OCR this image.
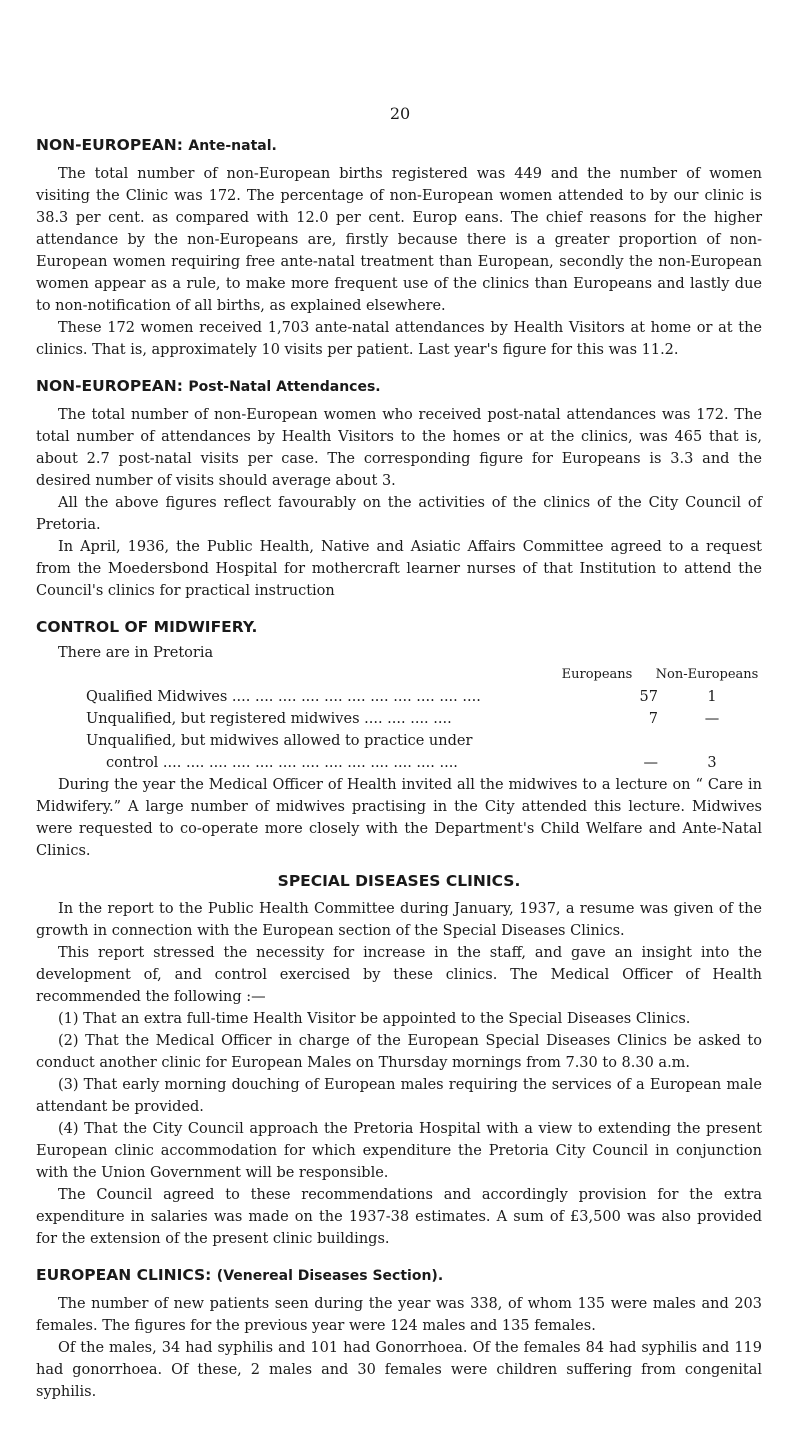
20
NON-EUROPEAN: Ante-natal.

The total number of non-European births registered was 449 and the number of women visiting the Clinic was 172. The percentage of non-European women attended to by our clinic is 38.3 per cent. as compared with 12.0 per cent. Europ eans. The chief reasons for the higher attendance by the non-Europeans are, firstly because there is a greater proportion of non-European women requiring free ante-natal treatment than European, secondly the non-European women appear as a rule, to make more frequent use of the clinics than Europeans and lastly due to non-notification of all births, as explained elsewhere.

These 172 women received 1,703 ante-natal attendances by Health Visitors at home or at the clinics. That is, approximately 10 visits per patient. Last year's figure for this was 11.2.

NON-EUROPEAN: Post-Natal Attendances.

The total number of non-European women who received post-natal attendances was 172. The total number of attendances by Health Visitors to the homes or at the clinics, was 465 that is, about 2.7 post-natal visits per case. The corresponding figure for Europeans is 3.3 and the desired number of visits should average about 3.

All the above figures reflect favourably on the activities of the clinics of the City Council of Pretoria.

In April, 1936, the Public Health, Native and Asiatic Affairs Committee agreed to a request from the Moedersbond Hospital for mothercraft learner nurses of that Institution to attend the Council's clinics for practical instruction

CONTROL OF MIDWIFERY.

There are in Pretoria

Europeans	Non-Europeans
Qualified Midwives .... .... .... .... .... .... .... .... .... .... ....	57	1
Unqualified, but registered midwives .... .... .... ....	7	—
Unqualified, but midwives allowed to practice under
control .... .... .... .... .... .... .... .... .... .... .... .... ....	—	3

During the year the Medical Officer of Health invited all the midwives to a lecture on “ Care in Midwifery.” A large number of midwives practising in the City attended this lecture. Midwives were requested to co-operate more closely with the Department's Child Welfare and Ante-Natal Clinics.

SPECIAL DISEASES CLINICS.

In the report to the Public Health Committee during January, 1937, a resume was given of the growth in connection with the European section of the Special Diseases Clinics.

This report stressed the necessity for increase in the staff, and gave an insight into the development of, and control exercised by these clinics. The Medical Officer of Health recommended the following :—

(1) That an extra full-time Health Visitor be appointed to the Special Diseases Clinics.

(2) That the Medical Officer in charge of the European Special Diseases Clinics be asked to conduct another clinic for European Males on Thursday mornings from 7.30 to 8.30 a.m.

(3) That early morning douching of European males requiring the services of a European male attendant be provided.

(4) That the City Council approach the Pretoria Hospital with a view to extending the present European clinic accommodation for which expenditure the Pretoria City Council in conjunction with the Union Government will be responsible.

The Council agreed to these recommendations and accordingly provision for the extra expenditure in salaries was made on the 1937-38 estimates. A sum of £3,500 was also provided for the extension of the present clinic buildings.

EUROPEAN CLINICS: (Venereal Diseases Section).

The number of new patients seen during the year was 338, of whom 135 were males and 203 females. The figures for the previous year were 124 males and 135 females.

Of the males, 34 had syphilis and 101 had Gonorrhoea. Of the females 84 had syphilis and 119 had gonorrhoea. Of these, 2 males and 30 females were children suffering from congenital syphilis.
